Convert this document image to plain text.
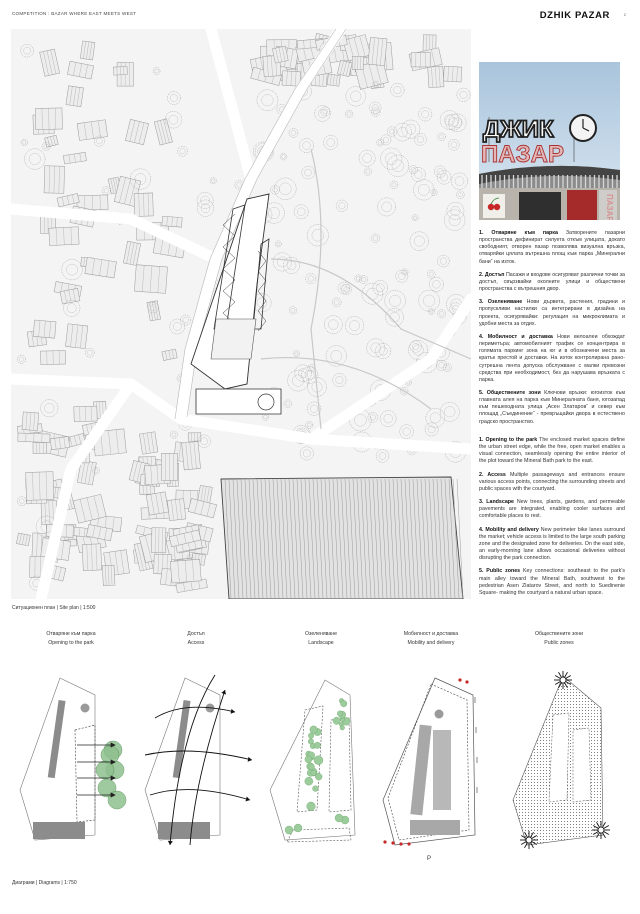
COMPETITION : BAZAR WHERE EAST MEETS WEST	DZHIK PAZAR	2
Ситуационен план | Site plan | 1:500
ДЖИК
ПАЗАР

1. Отваряне към парка Затворените пазарни пространства дефинират силуета откъм улицата, докато свободният, отворен пазар позволява визуална връзка, отваряйки цялата вътрешна площ към парка „Минерални бани“ на изток.

2. Достъп Пасажи и входове осигуряват различни точки за достъп, свързвайки околните улици и обществени пространства с вътрешния двор.

3. Озеленяване Нови дървета, растения, градини и пропускливи настилки са интегрирани в дизайна на проекта, осигурявайки: регулация на микроклимата и удобни места за отдих.

4. Мобилност и доставка Нови велоалеи обхождат периметъра; автомобилният трафик се концентрира в голямата паркинг зона на юг и в обозначени места за кратък престой и доставки. На изток контролирана рано-сутрешна лента допуска обслужване с малки превозни средства при необходимост, без да нарушава връзката с парка.

5. Обществените зони Ключови връзки: югоизток към главната алея на парка към Минералната баня, югозапад към пешеходната улица „Асен Златаров“ и север към площад „Съединение“ - превръщайки двора в естествено градско пространство.

1. Opening to the park The enclosed market spaces define the urban street edge, while the free, open market enables a visual connection, seamlessly opening the entire interior of the plot toward the Mineral Bath park to the east.

2. Access Multiple passageways and entrances ensure various access points, connecting the surrounding streets and public spaces with the courtyard.

3. Landscape New trees, plants, gardens, and permeable pavements are integrated, enabling cooler surfaces and comfortable places to rest.

4. Mobility and delivery New perimeter bike lanes surround the market; vehicle access is limited to the large south parking zone and the designated zone for deliveries. On the east side, an early-morning lane allows occasional deliveries without disrupting the park connection.

5. Public zones Key connections: southeast to the park's main alley toward the Mineral Bath, southwest to the pedestrian Asen Zlatarov Street, and north to Suedinenie Square- making the courtyard a natural urban space.

Отваряне към парка
Opening to the park
Достъп
Access
Озеленяване
Landscape
Мобилност и доставка
Mobility and delivery
Обществените зони
Public zones
P
Диаграми | Diagrams | 1:750
